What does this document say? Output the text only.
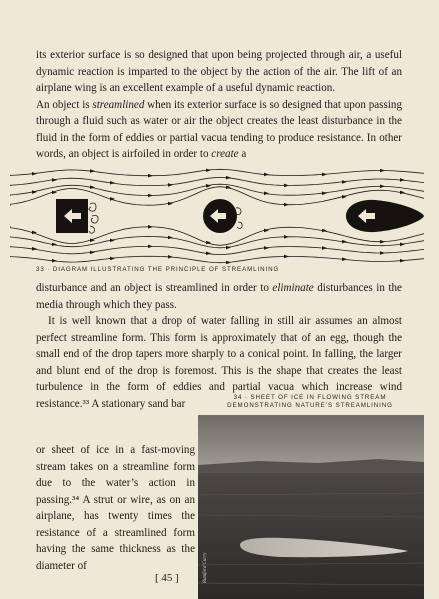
its exterior surface is so designed that upon being projected through air, a useful dynamic reaction is imparted to the object by the action of the air. The lift of an airplane wing is an excellent example of a useful dynamic reaction.

An object is streamlined when its exterior surface is so designed that upon passing through a fluid such as water or air the object creates the least disturbance in the fluid in the form of eddies or partial vacua tending to produce resistance. In other words, an object is airfoiled in order to create a

33 · DIAGRAM ILLUSTRATING THE PRINCIPLE OF STREAMLINING

disturbance and an object is streamlined in order to eliminate disturbances in the media through which they pass.

It is well known that a drop of water falling in still air assumes an almost perfect streamline form. This form is approximately that of an egg, though the small end of the drop tapers more sharply to a conical point. In falling, the larger and blunt end of the drop is foremost. This is the shape that creates the least turbulence in the form of eddies and partial vacua which increase wind resistance.³³ A stationary sand bar	34 · SHEET OF ICE IN FLOWING STREAM DEMONSTRATING NATURE’S STREAMLINING

or sheet of ice in a fast-moving stream takes on a streamline form due to the water’s action in passing.³⁴ A strut or wire, as on an airplane, has twenty times the resistance of a streamlined form having the same thickness as the diameter of	Rumford Curry
[ 45 ]
